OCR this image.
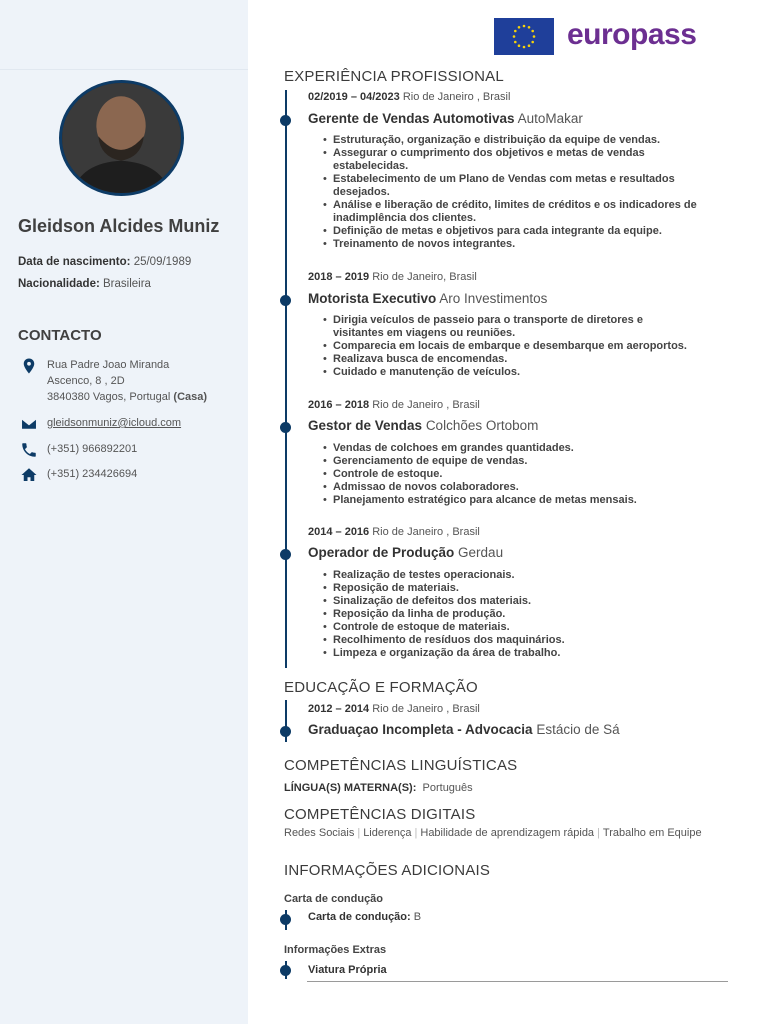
Gleidson Alcides Muniz
Data de nascimento: 25/09/1989
Nacionalidade: Brasileira
CONTACTO
Rua Padre Joao Miranda
Ascenco, 8 , 2D
3840380 Vagos, Portugal (Casa)
gleidsonmuniz@icloud.com
(+351) 966892201
(+351) 234426694
europass
EXPERIÊNCIA PROFISSIONAL
02/2019 – 04/2023 Rio de Janeiro , Brasil
Gerente de Vendas Automotivas AutoMakar
• Estruturação, organização e distribuição da equipe de vendas.
• Assegurar o cumprimento dos objetivos e metas de vendas estabelecidas.
• Estabelecimento de um Plano de Vendas com metas e resultados desejados.
• Análise e liberação de crédito, limites de créditos e os indicadores de inadimplência dos clientes.
• Definição de metas e objetivos para cada integrante da equipe.
• Treinamento de novos integrantes.
2018 – 2019 Rio de Janeiro, Brasil
Motorista Executivo Aro Investimentos
• Dirigia veículos de passeio para o transporte de diretores e visitantes em viagens ou reuniões.
• Comparecia em locais de embarque e desembarque em aeroportos.
• Realizava busca de encomendas.
• Cuidado e manutenção de veículos.
2016 – 2018 Rio de Janeiro , Brasil
Gestor de Vendas Colchões Ortobom
• Vendas de colchoes em grandes quantidades.
• Gerenciamento de equipe de vendas.
• Controle de estoque.
• Admissao de novos colaboradores.
• Planejamento estratégico para alcance de metas mensais.
2014 – 2016 Rio de Janeiro , Brasil
Operador de Produção Gerdau
• Realização de testes operacionais.
• Reposição de materiais.
• Sinalização de defeitos dos materiais.
• Reposição da linha de produção.
• Controle de estoque de materiais.
• Recolhimento de resíduos dos maquinários.
• Limpeza e organização da área de trabalho.
EDUCAÇÃO E FORMAÇÃO
2012 – 2014 Rio de Janeiro , Brasil
Graduaçao Incompleta - Advocacia Estácio de Sá
COMPETÊNCIAS LINGUÍSTICAS
LÍNGUA(S) MATERNA(S): Português
COMPETÊNCIAS DIGITAIS
Redes Sociais | Liderença | Habilidade de aprendizagem rápida | Trabalho em Equipe
INFORMAÇÕES ADICIONAIS
Carta de condução
Carta de condução: B
Informações Extras
Viatura Própria
